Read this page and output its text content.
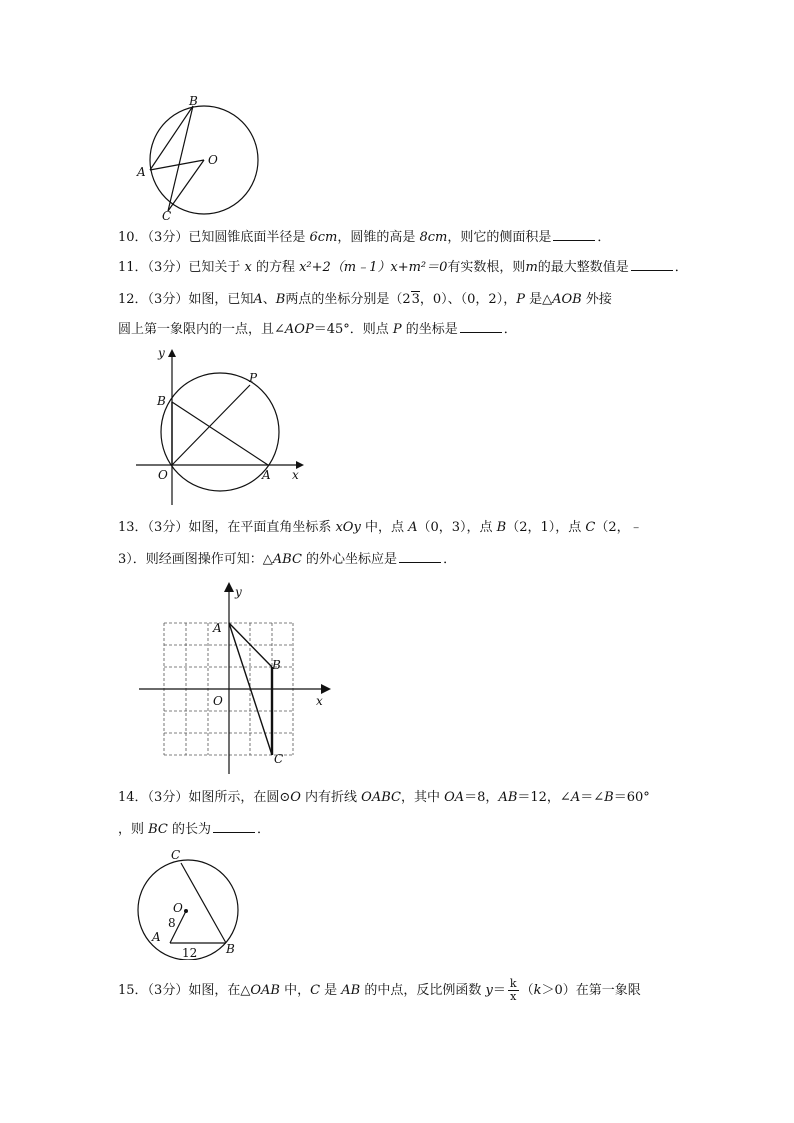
B
A
O
C
10．（3分）已知圆锥底面半径是 6cm，圆锥的高是 8cm，则它的侧面积是	．
11．（3分）已知关于 x 的方程 x²+2（m﹣1）x+m²＝0有实数根，则m的最大整数值是	．
12．（3分）如图，已知A、B两点的坐标分别是（23，0）、（0，2），P 是△AOB 外接
圆上第一象限内的一点，且∠AOP＝45°．则点 P 的坐标是	．
y
P
B
O	A x
13．（3分）如图，在平面直角坐标系 xOy 中，点 A（0，3），点 B（2，1），点 C（2，﹣
3）．则经画图操作可知：△ABC 的外心坐标应是	．
y
A
B
O	x
C
14．（3分）如图所示，在圆⊙O 内有折线 OABC，其中 OA＝8，AB＝12，∠A＝∠B＝60°
，则 BC 的长为	．
C
O
8
A
12 B
15．（3分）如图，在△OAB 中，C 是 AB 的中点，反比例函数 $y= \frac{k}{x} (k>0)$在第一象限
